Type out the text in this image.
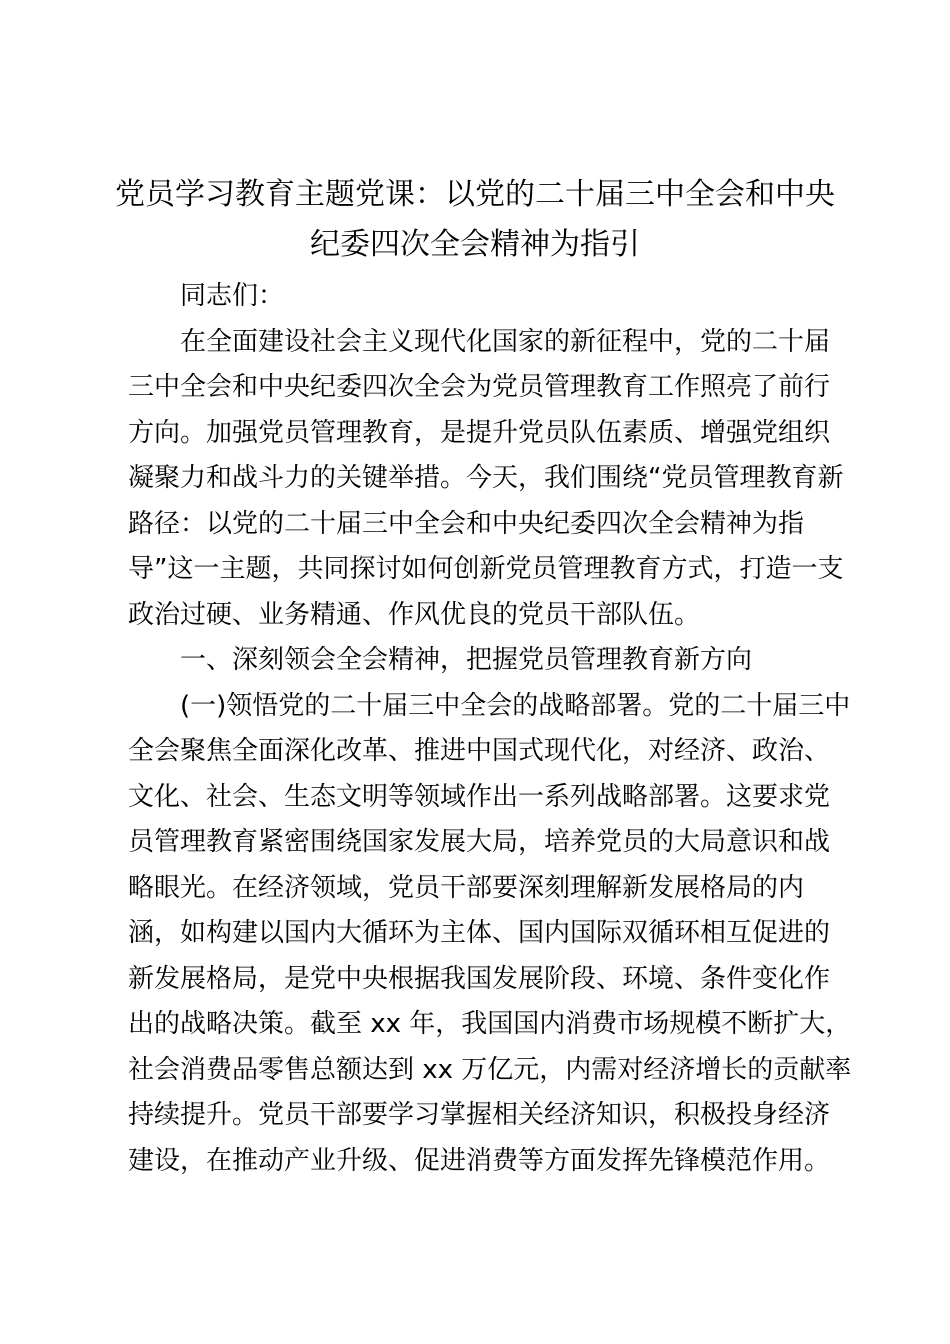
党员学习教育主题党课：以党的二十届三中全会和中央
纪委四次全会精神为指引

同志们：

在全面建设社会主义现代化国家的新征程中，党的二十届

三中全会和中央纪委四次全会为党员管理教育工作照亮了前行

方向。加强党员管理教育，是提升党员队伍素质、增强党组织

凝聚力和战斗力的关键举措。今天，我们围绕“党员管理教育新

路径：以党的二十届三中全会和中央纪委四次全会精神为指

导”这一主题，共同探讨如何创新党员管理教育方式，打造一支

政治过硬、业务精通、作风优良的党员干部队伍。

一、深刻领会全会精神，把握党员管理教育新方向

(一)领悟党的二十届三中全会的战略部署。党的二十届三中

全会聚焦全面深化改革、推进中国式现代化，对经济、政治、

文化、社会、生态文明等领域作出一系列战略部署。这要求党

员管理教育紧密围绕国家发展大局，培养党员的大局意识和战

略眼光。在经济领域，党员干部要深刻理解新发展格局的内

涵，如构建以国内大循环为主体、国内国际双循环相互促进的

新发展格局，是党中央根据我国发展阶段、环境、条件变化作

出的战略决策。截至 xx 年，我国国内消费市场规模不断扩大，

社会消费品零售总额达到 xx 万亿元，内需对经济增长的贡献率

持续提升。党员干部要学习掌握相关经济知识，积极投身经济

建设，在推动产业升级、促进消费等方面发挥先锋模范作用。
